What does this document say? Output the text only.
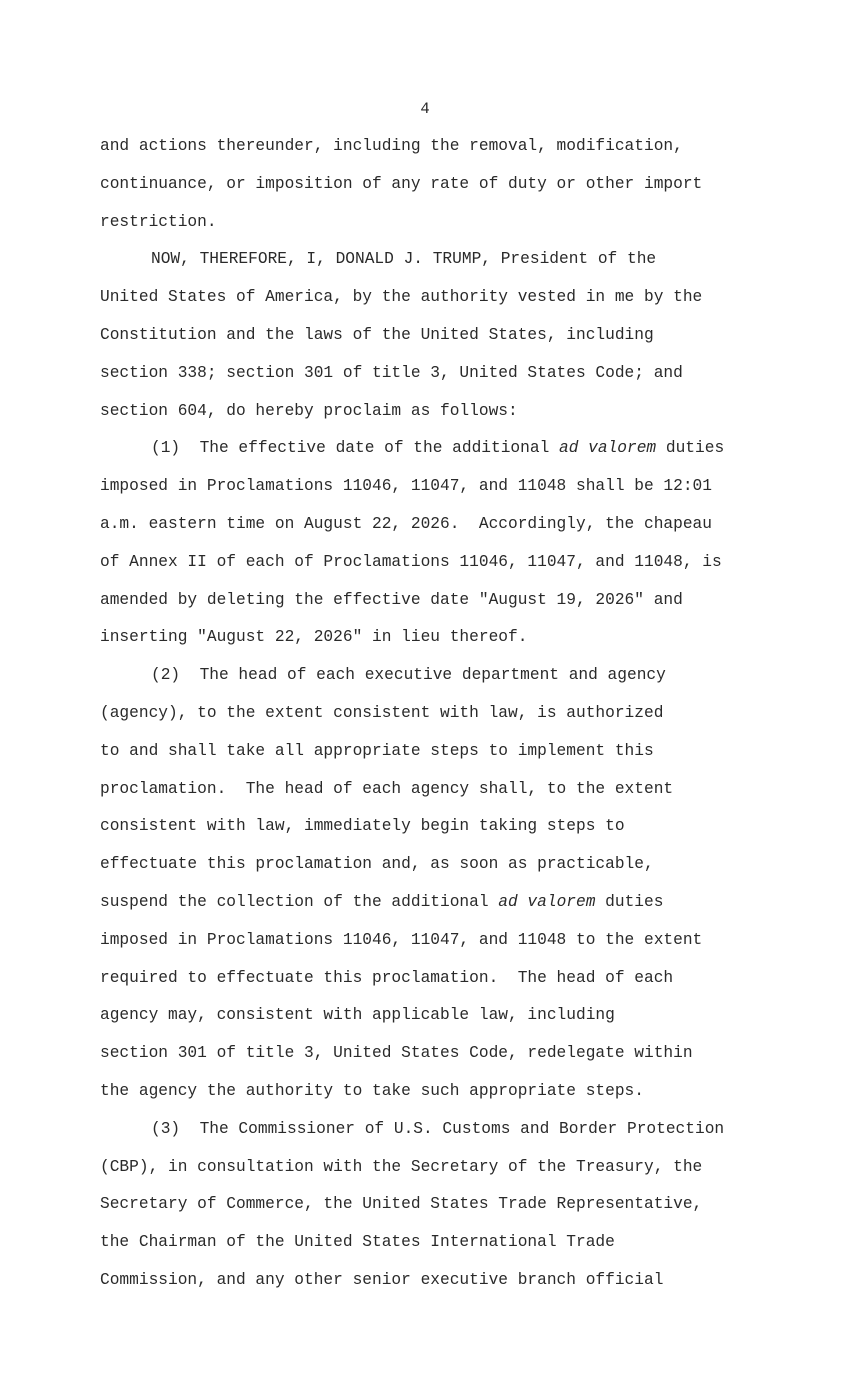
4
and actions thereunder, including the removal, modification,
continuance, or imposition of any rate of duty or other import
restriction.
NOW, THEREFORE, I, DONALD J. TRUMP, President of the
United States of America, by the authority vested in me by the
Constitution and the laws of the United States, including
section 338; section 301 of title 3, United States Code; and
section 604, do hereby proclaim as follows:
(1)  The effective date of the additional ad valorem duties
imposed in Proclamations 11046, 11047, and 11048 shall be 12:01
a.m. eastern time on August 22, 2026.  Accordingly, the chapeau
of Annex II of each of Proclamations 11046, 11047, and 11048, is
amended by deleting the effective date "August 19, 2026" and
inserting "August 22, 2026" in lieu thereof.
(2)  The head of each executive department and agency
(agency), to the extent consistent with law, is authorized
to and shall take all appropriate steps to implement this
proclamation.  The head of each agency shall, to the extent
consistent with law, immediately begin taking steps to
effectuate this proclamation and, as soon as practicable,
suspend the collection of the additional ad valorem duties
imposed in Proclamations 11046, 11047, and 11048 to the extent
required to effectuate this proclamation.  The head of each
agency may, consistent with applicable law, including
section 301 of title 3, United States Code, redelegate within
the agency the authority to take such appropriate steps.
(3)  The Commissioner of U.S. Customs and Border Protection
(CBP), in consultation with the Secretary of the Treasury, the
Secretary of Commerce, the United States Trade Representative,
the Chairman of the United States International Trade
Commission, and any other senior executive branch official
